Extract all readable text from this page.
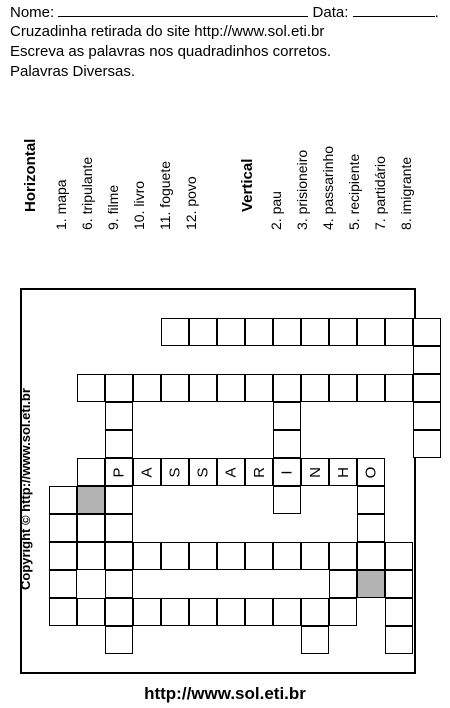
Nome:	Data:	.
Cruzadinha retirada do site http://www.sol.eti.br
Escreva as palavras nos quadradinhos corretos.
Palavras Diversas.
Horizontal 1. mapa 6. tripulante 9. filme 10. livro 11. foguete 12. povo	Vertical 2. pau 3. prisioneiro 4. passarinho 5. recipiente 7. partidário 8. imigrante
P A S S A R I N H O
Copyright © http://www.sol.eti.br
http://www.sol.eti.br
